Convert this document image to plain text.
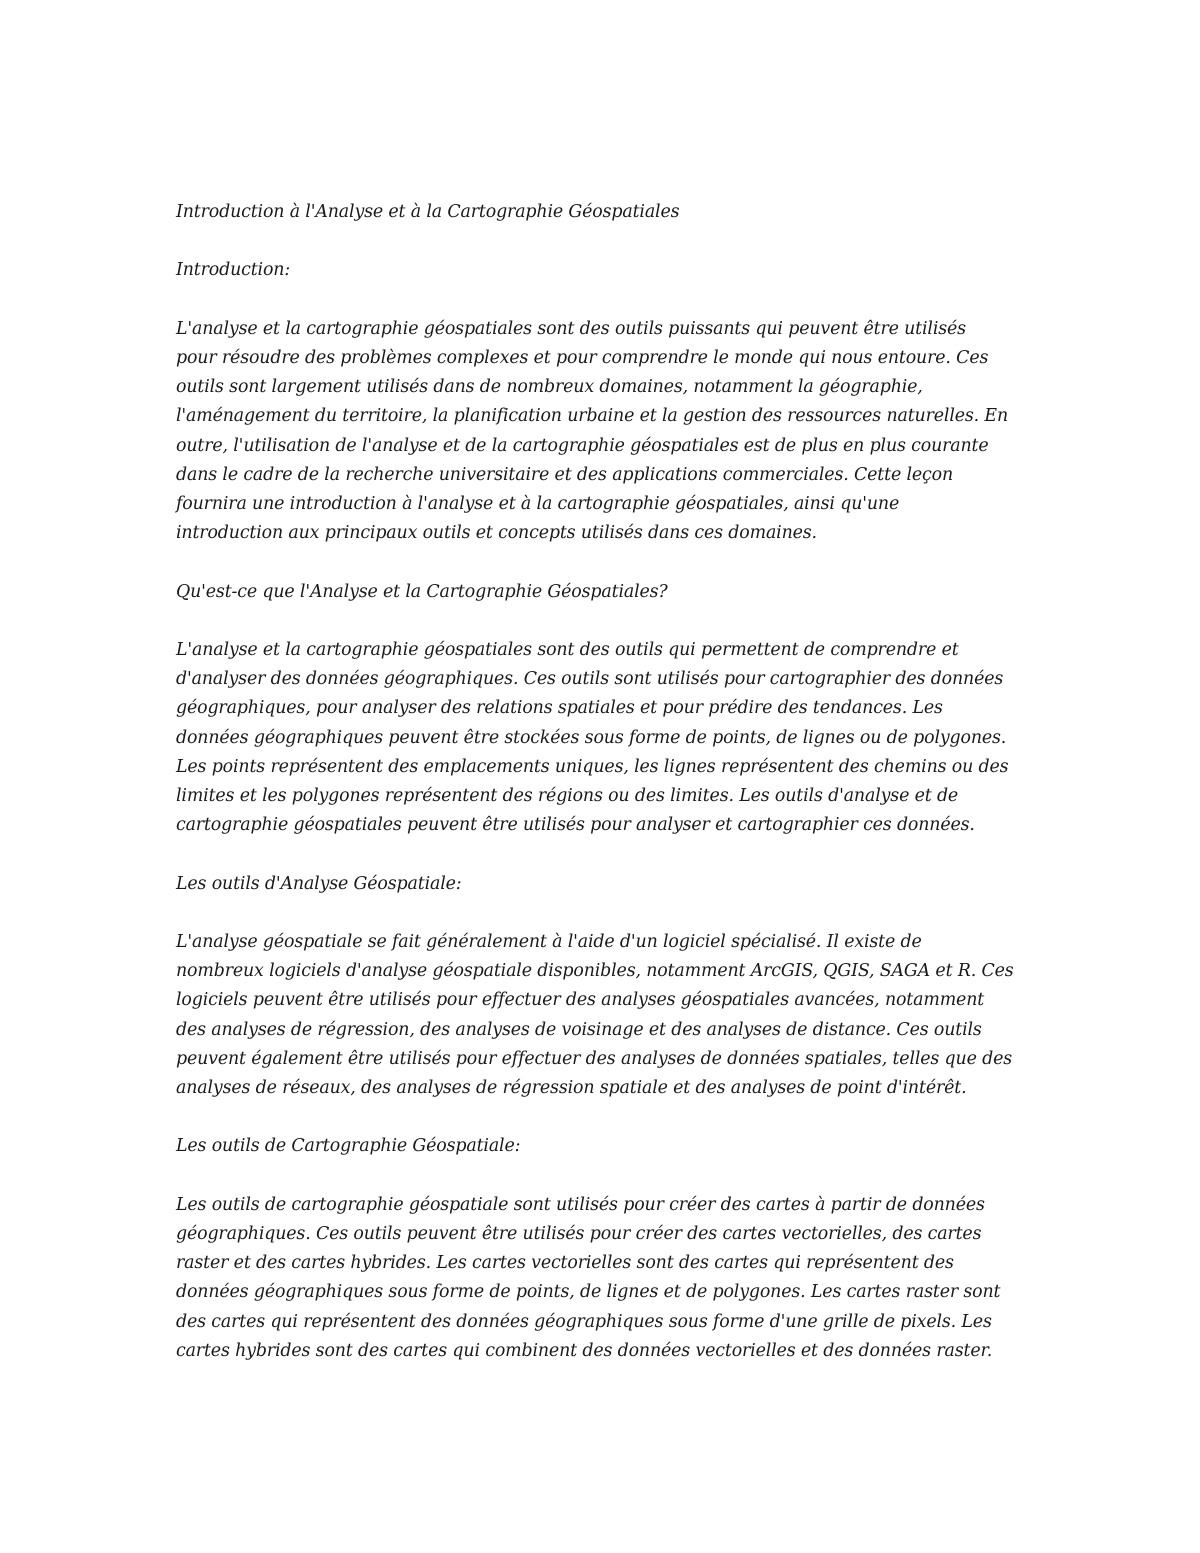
Introduction à l'Analyse et à la Cartographie Géospatiales

Introduction:

L'analyse et la cartographie géospatiales sont des outils puissants qui peuvent être utilisés
pour résoudre des problèmes complexes et pour comprendre le monde qui nous entoure. Ces
outils sont largement utilisés dans de nombreux domaines, notamment la géographie,
l'aménagement du territoire, la planification urbaine et la gestion des ressources naturelles. En
outre, l'utilisation de l'analyse et de la cartographie géospatiales est de plus en plus courante
dans le cadre de la recherche universitaire et des applications commerciales. Cette leçon
fournira une introduction à l'analyse et à la cartographie géospatiales, ainsi qu'une
introduction aux principaux outils et concepts utilisés dans ces domaines.

Qu'est-ce que l'Analyse et la Cartographie Géospatiales?

L'analyse et la cartographie géospatiales sont des outils qui permettent de comprendre et
d'analyser des données géographiques. Ces outils sont utilisés pour cartographier des données
géographiques, pour analyser des relations spatiales et pour prédire des tendances. Les
données géographiques peuvent être stockées sous forme de points, de lignes ou de polygones.
Les points représentent des emplacements uniques, les lignes représentent des chemins ou des
limites et les polygones représentent des régions ou des limites. Les outils d'analyse et de
cartographie géospatiales peuvent être utilisés pour analyser et cartographier ces données.

Les outils d'Analyse Géospatiale:

L'analyse géospatiale se fait généralement à l'aide d'un logiciel spécialisé. Il existe de
nombreux logiciels d'analyse géospatiale disponibles, notamment ArcGIS, QGIS, SAGA et R. Ces
logiciels peuvent être utilisés pour effectuer des analyses géospatiales avancées, notamment
des analyses de régression, des analyses de voisinage et des analyses de distance. Ces outils
peuvent également être utilisés pour effectuer des analyses de données spatiales, telles que des
analyses de réseaux, des analyses de régression spatiale et des analyses de point d'intérêt.

Les outils de Cartographie Géospatiale:

Les outils de cartographie géospatiale sont utilisés pour créer des cartes à partir de données
géographiques. Ces outils peuvent être utilisés pour créer des cartes vectorielles, des cartes
raster et des cartes hybrides. Les cartes vectorielles sont des cartes qui représentent des
données géographiques sous forme de points, de lignes et de polygones. Les cartes raster sont
des cartes qui représentent des données géographiques sous forme d'une grille de pixels. Les
cartes hybrides sont des cartes qui combinent des données vectorielles et des données raster.
